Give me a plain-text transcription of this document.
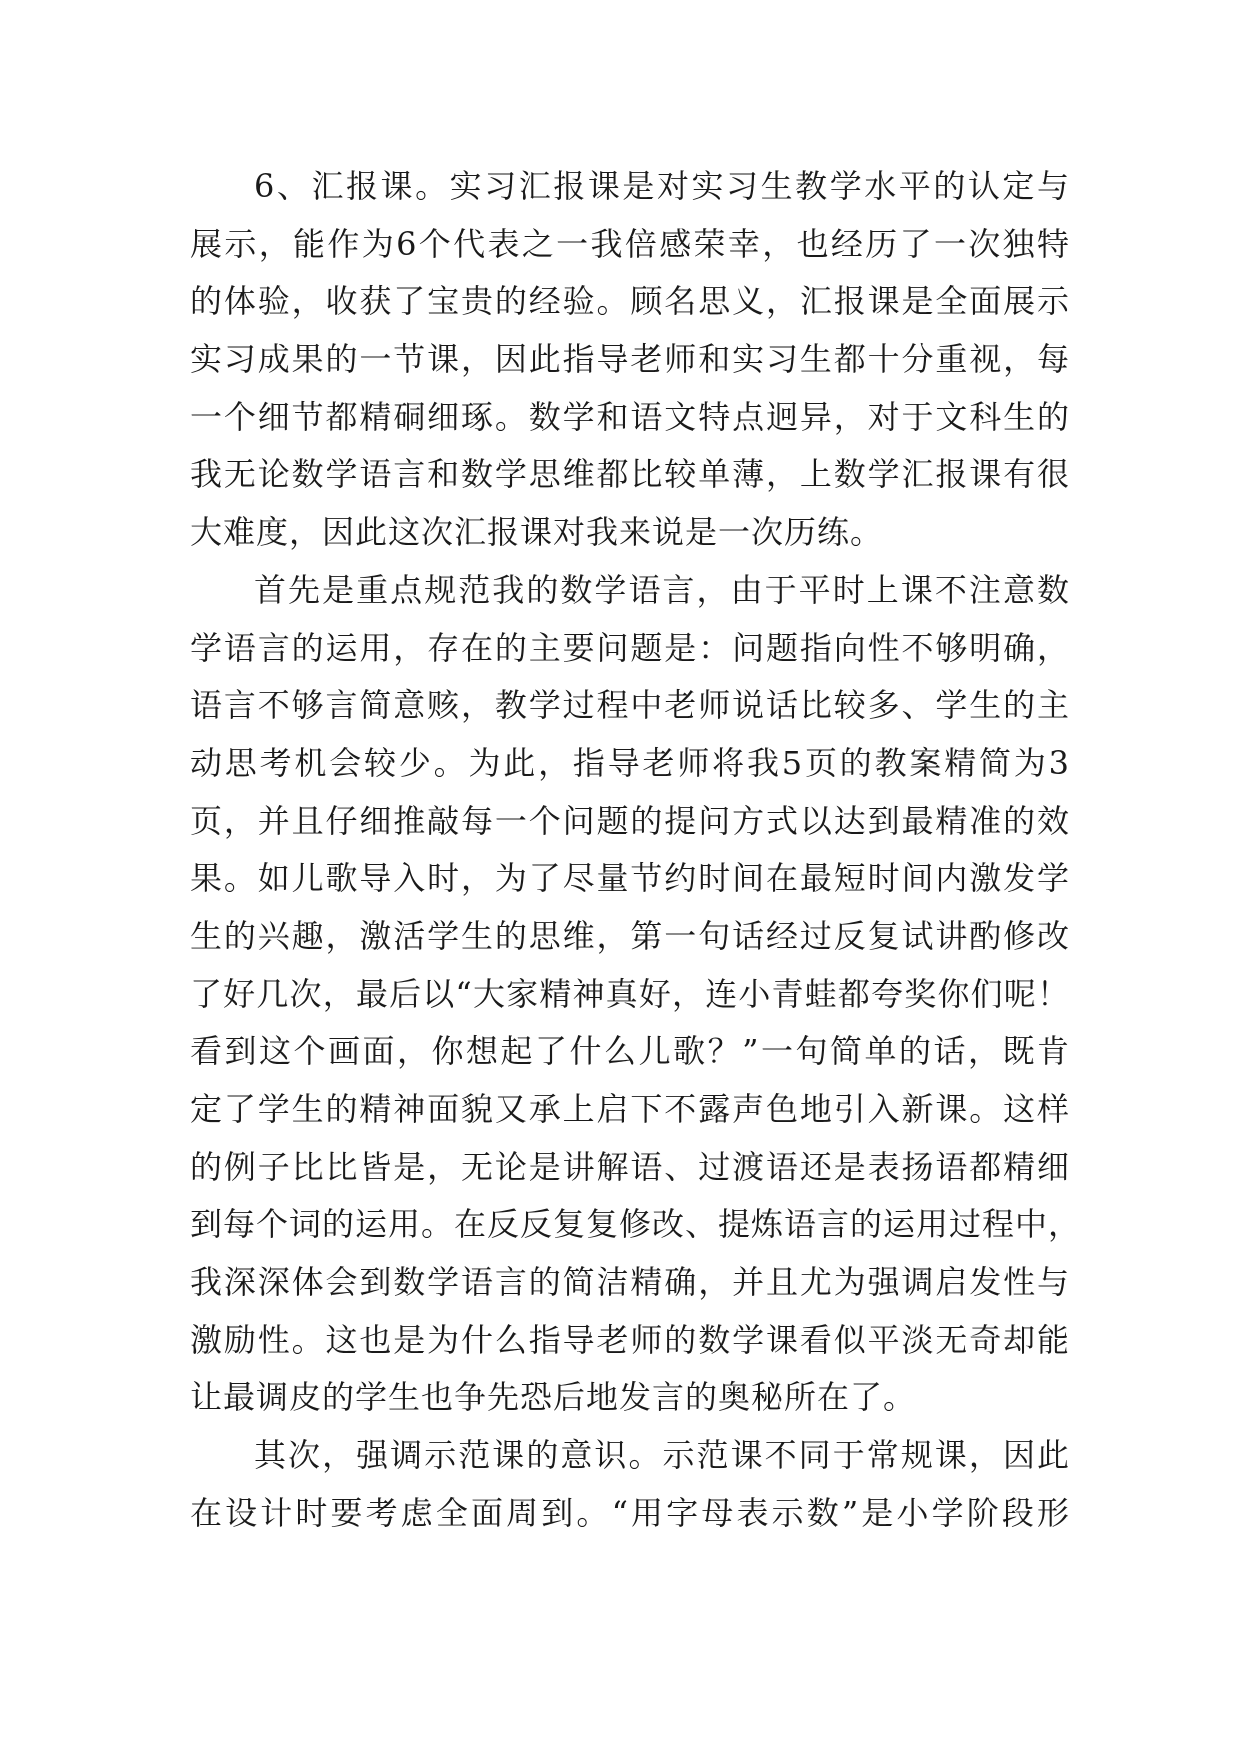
6、汇报课。实习汇报课是对实习生教学水平的认定与
展示，能作为6个代表之一我倍感荣幸，也经历了一次独特
的体验，收获了宝贵的经验。顾名思义，汇报课是全面展示
实习成果的一节课，因此指导老师和实习生都十分重视，每
一个细节都精硐细琢。数学和语文特点迥异，对于文科生的
我无论数学语言和数学思维都比较单薄，上数学汇报课有很
大难度，因此这次汇报课对我来说是一次历练。
首先是重点规范我的数学语言，由于平时上课不注意数
学语言的运用，存在的主要问题是：问题指向性不够明确，
语言不够言简意赅，教学过程中老师说话比较多、学生的主
动思考机会较少。为此，指导老师将我5页的教案精简为3
页，并且仔细推敲每一个问题的提问方式以达到最精准的效
果。如儿歌导入时，为了尽量节约时间在最短时间内激发学
生的兴趣，激活学生的思维，第一句话经过反复试讲酌修改
了好几次，最后以“大家精神真好，连小青蛙都夸奖你们呢！
看到这个画面，你想起了什么儿歌？”一句简单的话，既肯
定了学生的精神面貌又承上启下不露声色地引入新课。这样
的例子比比皆是，无论是讲解语、过渡语还是表扬语都精细
到每个词的运用。在反反复复修改、提炼语言的运用过程中，
我深深体会到数学语言的简洁精确，并且尤为强调启发性与
激励性。这也是为什么指导老师的数学课看似平淡无奇却能
让最调皮的学生也争先恐后地发言的奥秘所在了。
其次，强调示范课的意识。示范课不同于常规课，因此
在设计时要考虑全面周到。“用字母表示数”是小学阶段形
